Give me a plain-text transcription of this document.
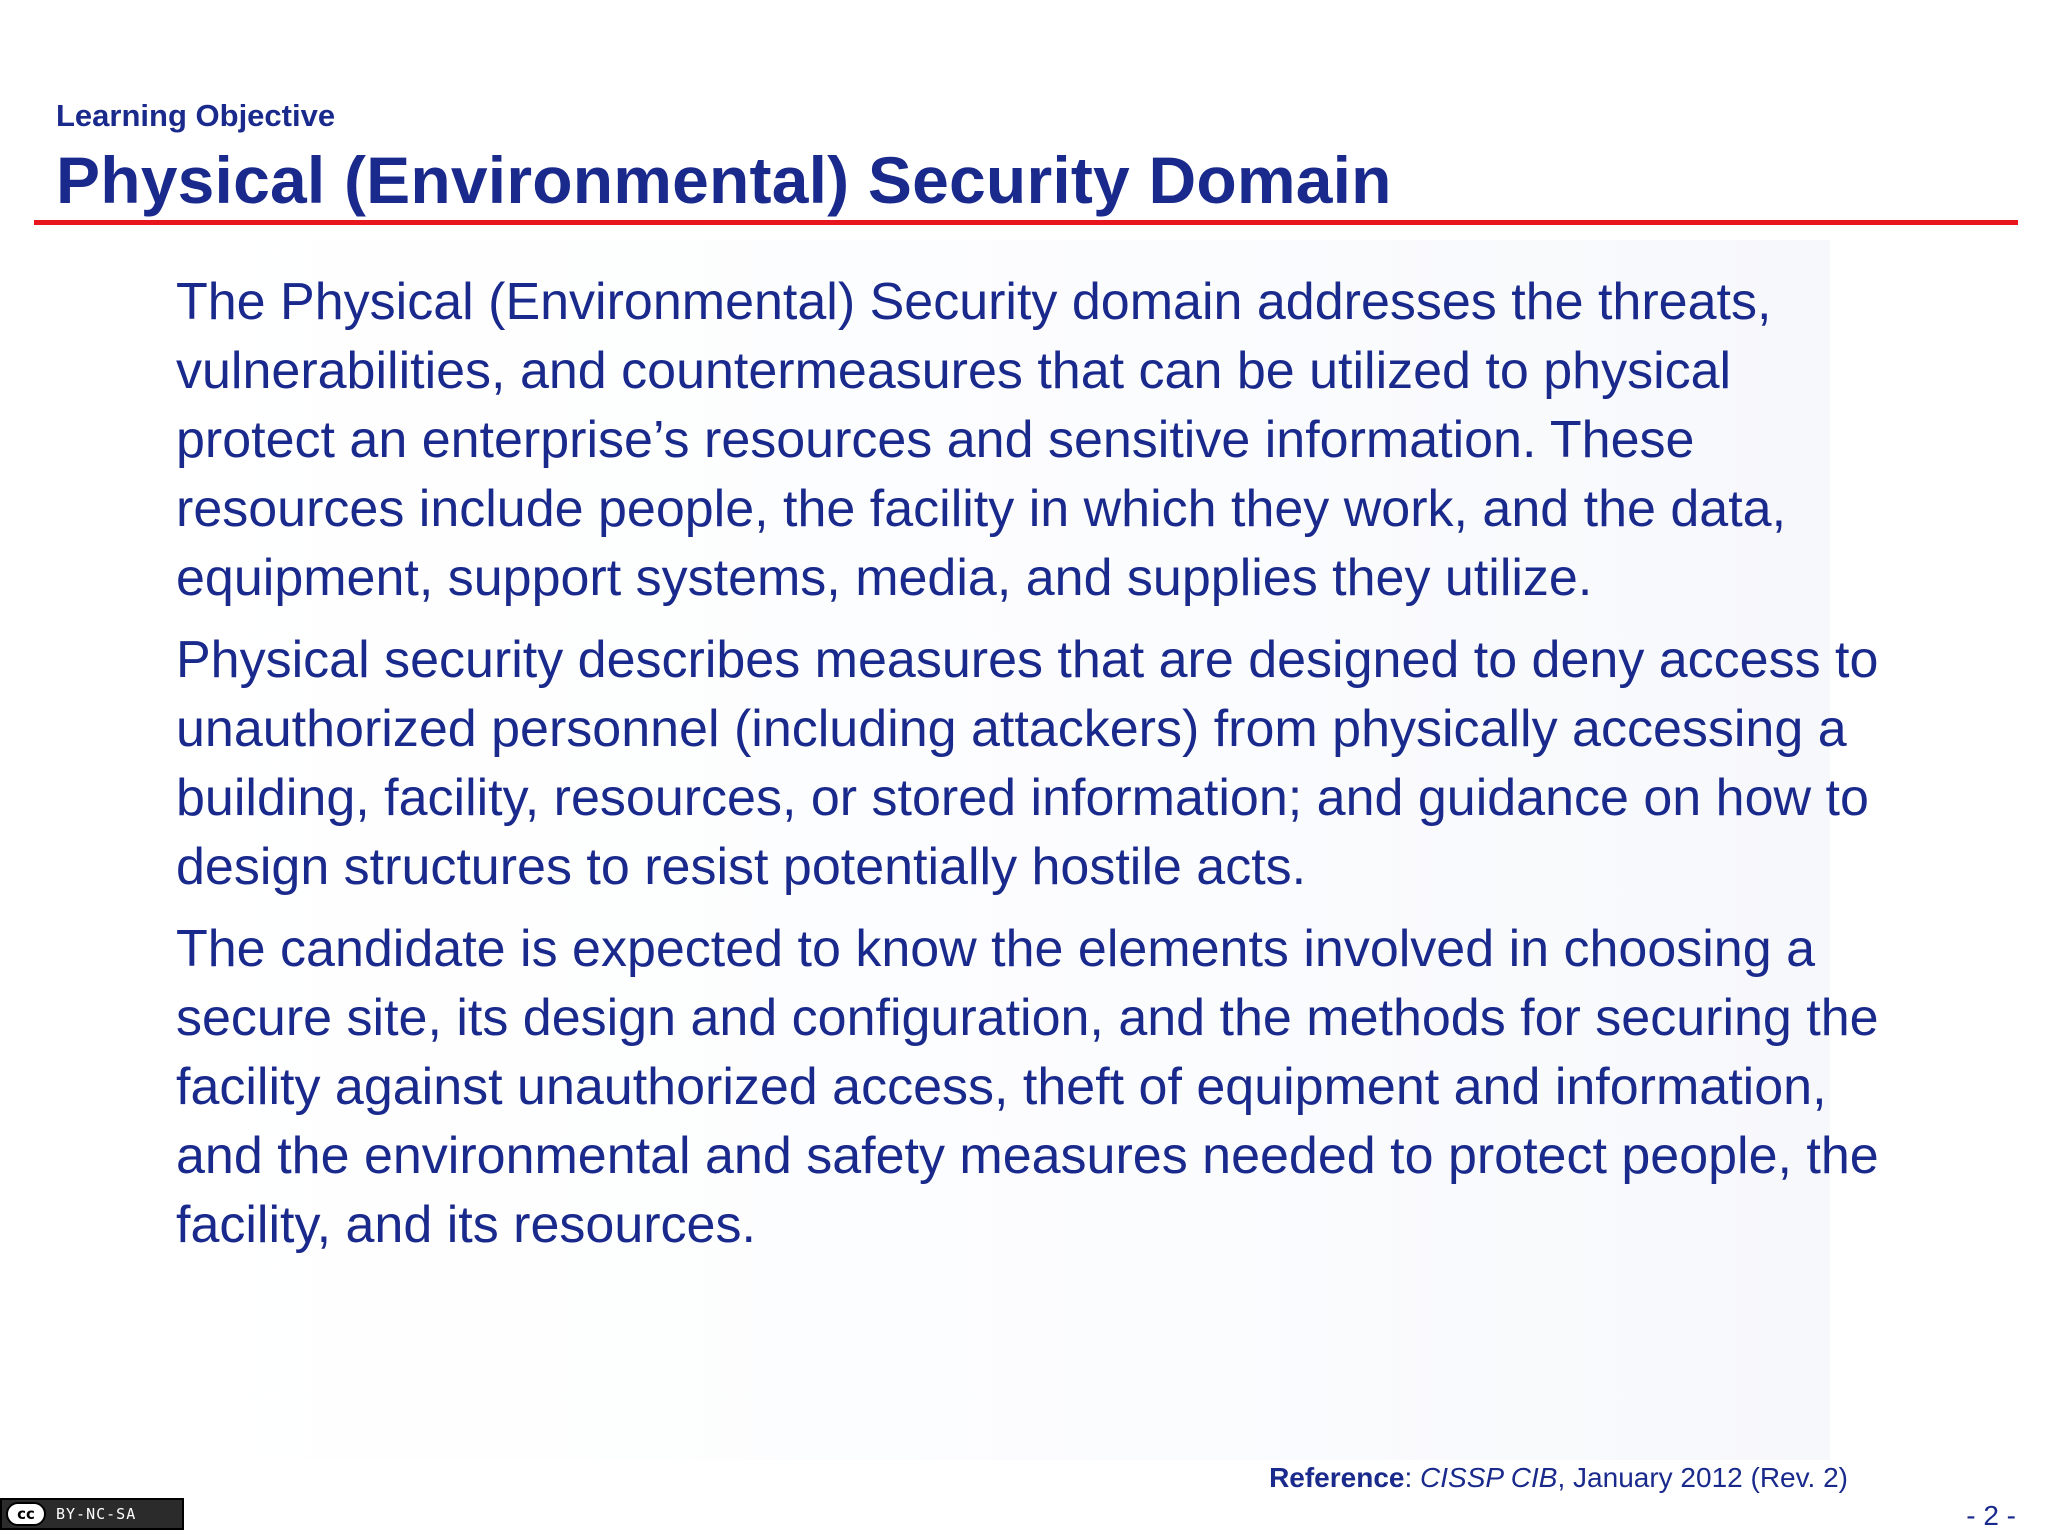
Learning Objective
Physical (Environmental) Security Domain

The Physical (Environmental) Security domain addresses the threats, vulnerabilities, and countermeasures that can be utilized to physical protect an enterprise’s resources and sensitive information. These resources include people, the facility in which they work, and the data, equipment, support systems, media, and supplies they utilize.

Physical security describes measures that are designed to deny access to unauthorized personnel (including attackers) from physically accessing a building, facility, resources, or stored information; and guidance on how to design structures to resist potentially hostile acts.

The candidate is expected to know the elements involved in choosing a secure site, its design and configuration, and the methods for securing the facility against unauthorized access, theft of equipment and information, and the environmental and safety measures needed to protect people, the facility, and its resources.

Reference: CISSP CIB, January 2012 (Rev. 2)
cc	BY-NC-SA	- 2 -
